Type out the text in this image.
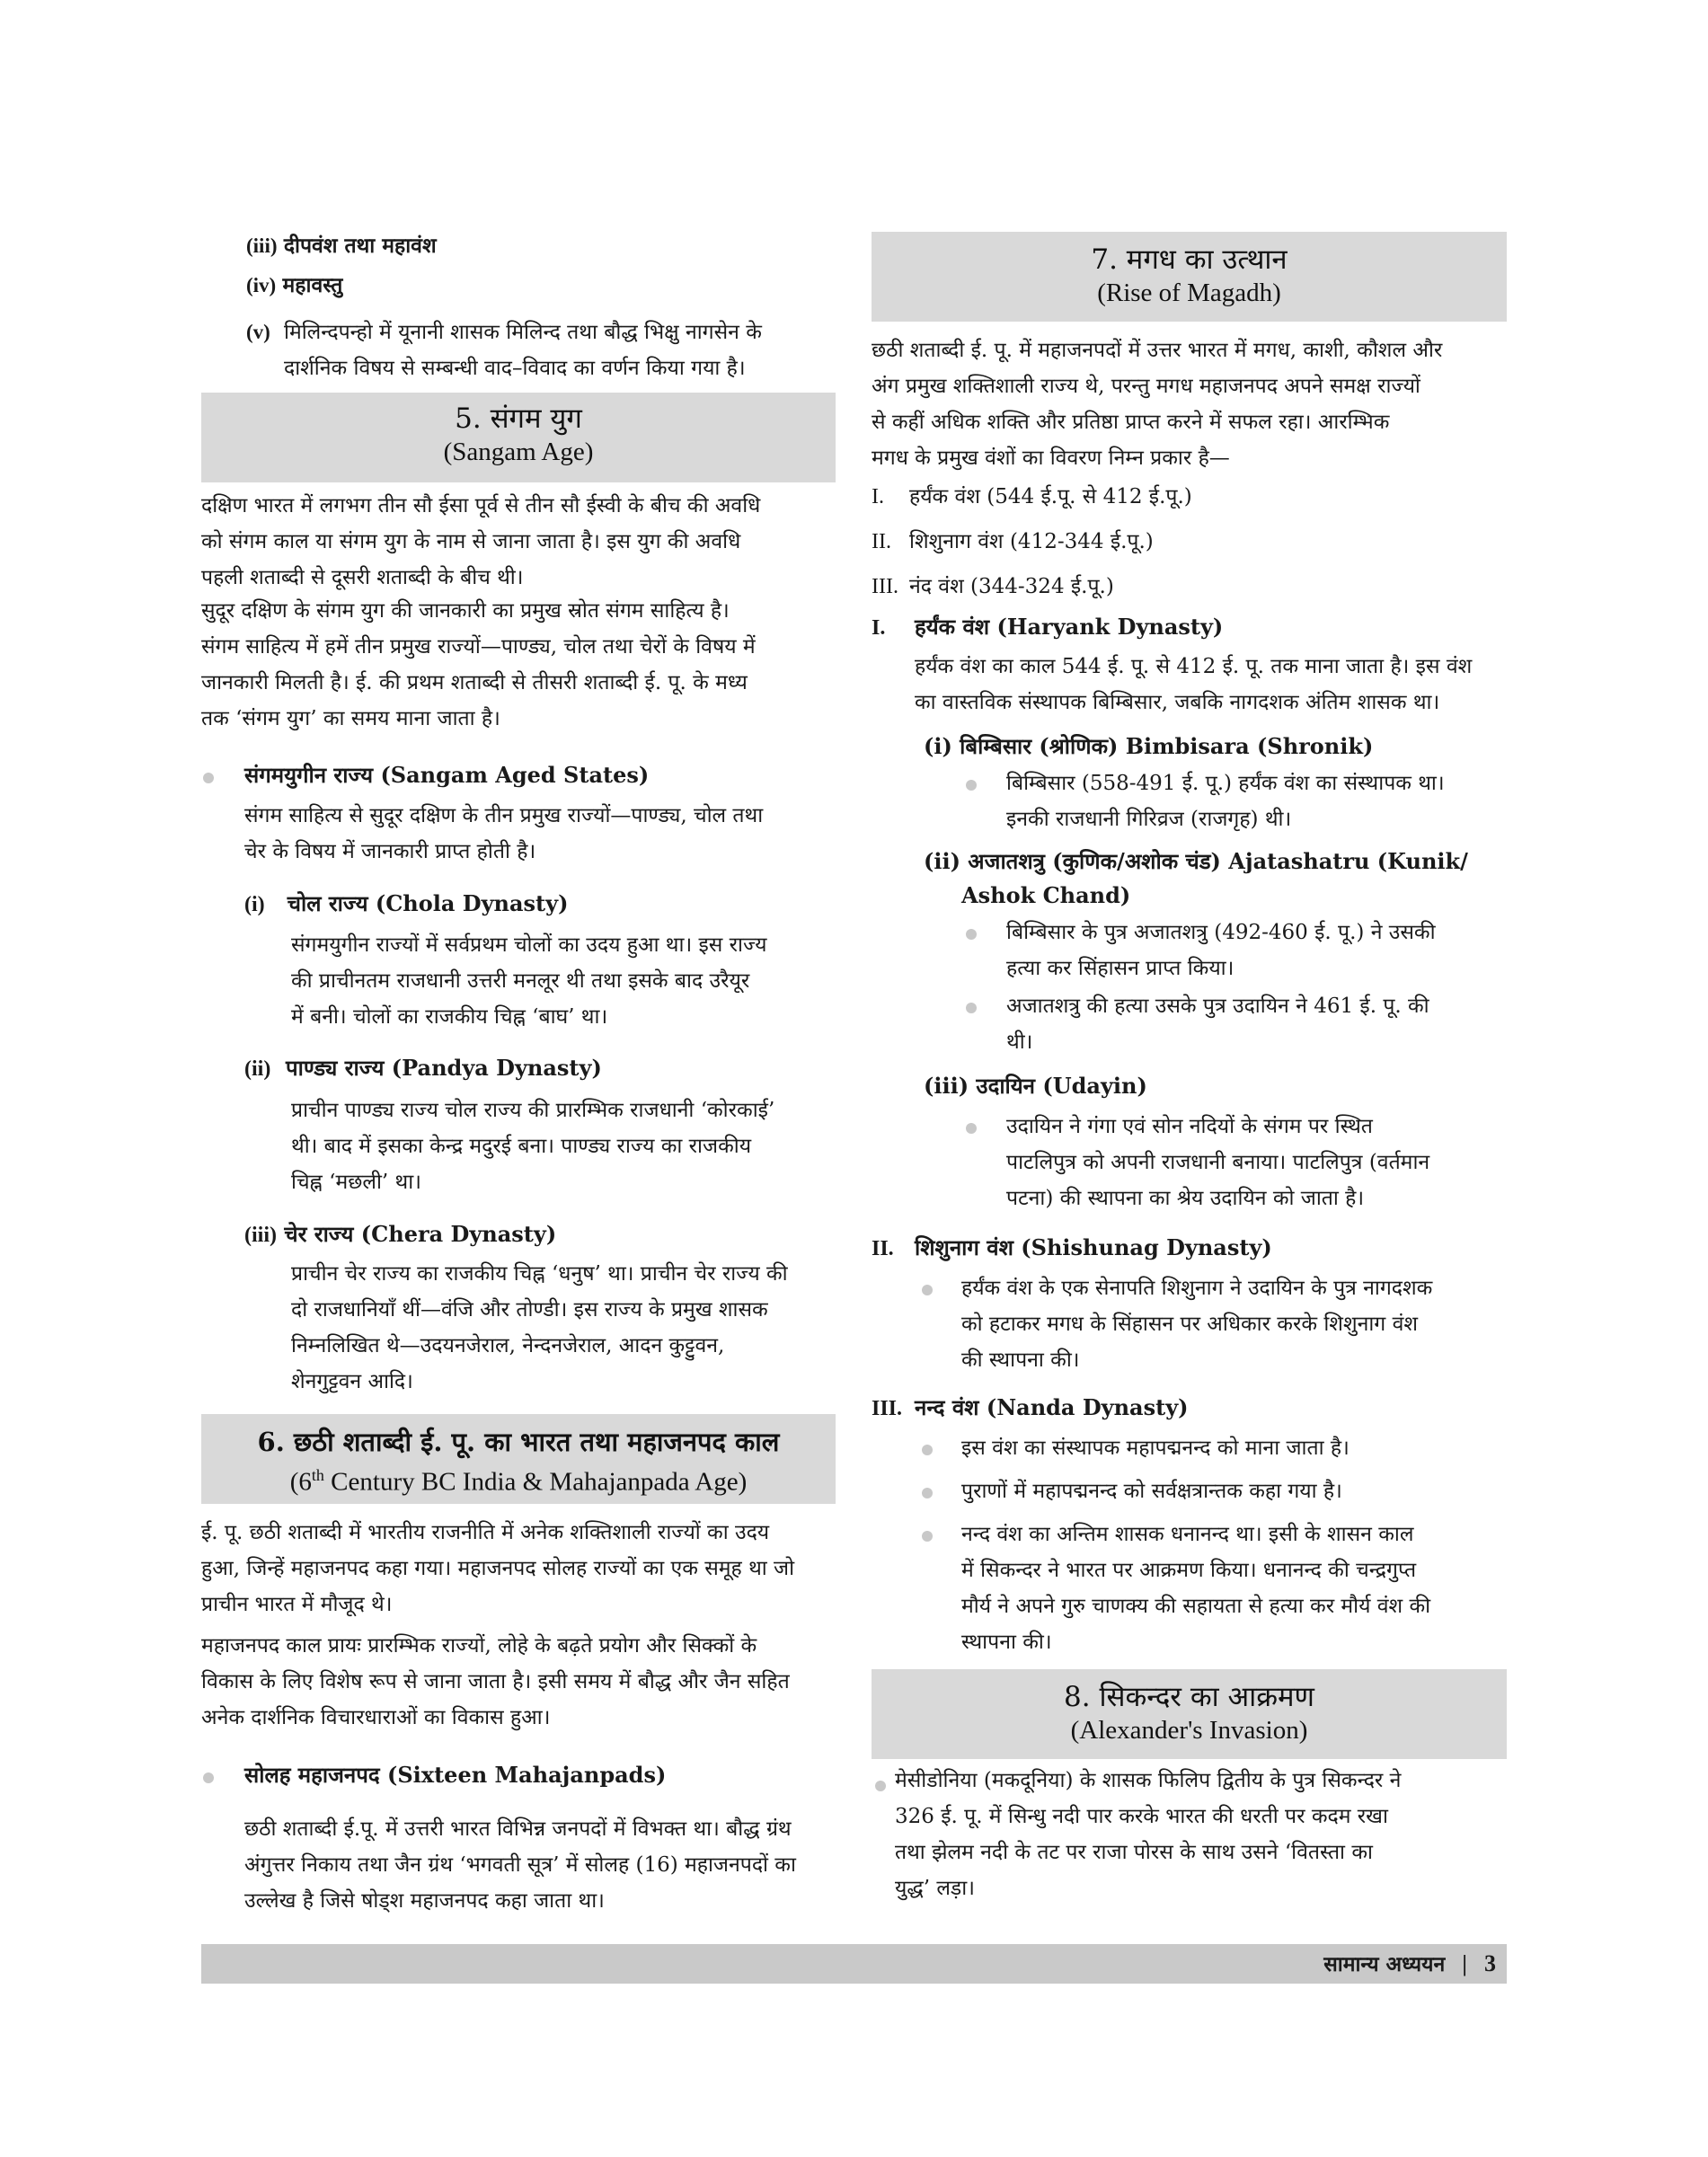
(iii) दीपवंश तथा महावंश

(iv) महावस्तु

(v) मिलिन्दपन्हो में यूनानी शासक मिलिन्द तथा बौद्ध भिक्षु नागसेन के

दार्शनिक विषय से सम्बन्धी वाद–विवाद का वर्णन किया गया है।

5. संगम युग
(Sangam Age)

दक्षिण भारत में लगभग तीन सौ ईसा पूर्व से तीन सौ ईस्वी के बीच की अवधि

को संगम काल या संगम युग के नाम से जाना जाता है। इस युग की अवधि

पहली शताब्दी से दूसरी शताब्दी के बीच थी।

सुदूर दक्षिण के संगम युग की जानकारी का प्रमुख स्रोत संगम साहित्य है।

संगम साहित्य में हमें तीन प्रमुख राज्यों—पाण्ड्य, चोल तथा चेरों के विषय में

जानकारी मिलती है। ई. की प्रथम शताब्दी से तीसरी शताब्दी ई. पू. के मध्य

तक ‘संगम युग’ का समय माना जाता है।

संगमयुगीन राज्य (Sangam Aged States)

संगम साहित्य से सुदूर दक्षिण के तीन प्रमुख राज्यों—पाण्ड्य, चोल तथा

चेर के विषय में जानकारी प्राप्त होती है।

(i) चोल राज्य (Chola Dynasty)

संगमयुगीन राज्यों में सर्वप्रथम चोलों का उदय हुआ था। इस राज्य

की प्राचीनतम राजधानी उत्तरी मनलूर थी तथा इसके बाद उरैयूर

में बनी। चोलों का राजकीय चिह्न ‘बाघ’ था।

(ii) पाण्ड्य राज्य (Pandya Dynasty)

प्राचीन पाण्ड्य राज्य चोल राज्य की प्रारम्भिक राजधानी ‘कोरकाई’

थी। बाद में इसका केन्द्र मदुरई बना। पाण्ड्य राज्य का राजकीय

चिह्न ‘मछली’ था।

(iii) चेर राज्य (Chera Dynasty)

प्राचीन चेर राज्य का राजकीय चिह्न ‘धनुष’ था। प्राचीन चेर राज्य की

दो राजधानियाँ थीं—वंजि और तोण्डी। इस राज्य के प्रमुख शासक

निम्नलिखित थे—उदयनजेराल, नेन्दनजेराल, आदन कुट्टुवन,

शेनगुट्टवन आदि।

6. छठी शताब्दी ई. पू. का भारत तथा महाजनपद काल
(6th Century BC India & Mahajanpada Age)

ई. पू. छठी शताब्दी में भारतीय राजनीति में अनेक शक्तिशाली राज्यों का उदय

हुआ, जिन्हें महाजनपद कहा गया। महाजनपद सोलह राज्यों का एक समूह था जो

प्राचीन भारत में मौजूद थे।

महाजनपद काल प्रायः प्रारम्भिक राज्यों, लोहे के बढ़ते प्रयोग और सिक्कों के

विकास के लिए विशेष रूप से जाना जाता है। इसी समय में बौद्ध और जैन सहित

अनेक दार्शनिक विचारधाराओं का विकास हुआ।

सोलह महाजनपद (Sixteen Mahajanpads)

छठी शताब्दी ई.पू. में उत्तरी भारत विभिन्न जनपदों में विभक्त था। बौद्ध ग्रंथ

अंगुत्तर निकाय तथा जैन ग्रंथ ‘भगवती सूत्र’ में सोलह (16) महाजनपदों का

उल्लेख है जिसे षोड्श महाजनपद कहा जाता था।

7. मगध का उत्थान
(Rise of Magadh)

छठी शताब्दी ई. पू. में महाजनपदों में उत्तर भारत में मगध, काशी, कौशल और

अंग प्रमुख शक्तिशाली राज्य थे, परन्तु मगध महाजनपद अपने समक्ष राज्यों

से कहीं अधिक शक्ति और प्रतिष्ठा प्राप्त करने में सफल रहा। आरम्भिक

मगध के प्रमुख वंशों का विवरण निम्न प्रकार है—

I. हर्यंक वंश (544 ई.पू. से 412 ई.पू.)

II. शिशुनाग वंश (412-344 ई.पू.)

III. नंद वंश (344-324 ई.पू.)

I. हर्यंक वंश (Haryank Dynasty)

हर्यंक वंश का काल 544 ई. पू. से 412 ई. पू. तक माना जाता है। इस वंश

का वास्तविक संस्थापक बिम्बिसार, जबकि नागदशक अंतिम शासक था।

(i) बिम्बिसार (श्रोणिक) Bimbisara (Shronik)

बिम्बिसार (558-491 ई. पू.) हर्यंक वंश का संस्थापक था।

इनकी राजधानी गिरिव्रज (राजगृह) थी।

(ii) अजातशत्रु (कुणिक/अशोक चंड) Ajatashatru (Kunik/

Ashok Chand)

बिम्बिसार के पुत्र अजातशत्रु (492-460 ई. पू.) ने उसकी

हत्या कर सिंहासन प्राप्त किया।

अजातशत्रु की हत्या उसके पुत्र उदायिन ने 461 ई. पू. की

थी।

(iii) उदायिन (Udayin)

उदायिन ने गंगा एवं सोन नदियों के संगम पर स्थित

पाटलिपुत्र को अपनी राजधानी बनाया। पाटलिपुत्र (वर्तमान

पटना) की स्थापना का श्रेय उदायिन को जाता है।

II. शिशुनाग वंश (Shishunag Dynasty)

हर्यंक वंश के एक सेनापति शिशुनाग ने उदायिन के पुत्र नागदशक

को हटाकर मगध के सिंहासन पर अधिकार करके शिशुनाग वंश

की स्थापना की।

III. नन्द वंश (Nanda Dynasty)

इस वंश का संस्थापक महापद्मनन्द को माना जाता है।

पुराणों में महापद्मनन्द को सर्वक्षत्रान्तक कहा गया है।

नन्द वंश का अन्तिम शासक धनानन्द था। इसी के शासन काल

में सिकन्दर ने भारत पर आक्रमण किया। धनानन्द की चन्द्रगुप्त

मौर्य ने अपने गुरु चाणक्य की सहायता से हत्या कर मौर्य वंश की

स्थापना की।

8. सिकन्दर का आक्रमण
(Alexander's Invasion)

मेसीडोनिया (मकदूनिया) के शासक फिलिप द्वितीय के पुत्र सिकन्दर ने

326 ई. पू. में सिन्धु नदी पार करके भारत की धरती पर कदम रखा

तथा झेलम नदी के तट पर राजा पोरस के साथ उसने ‘वितस्ता का

युद्ध’ लड़ा।

सामान्य अध्ययन | 3
